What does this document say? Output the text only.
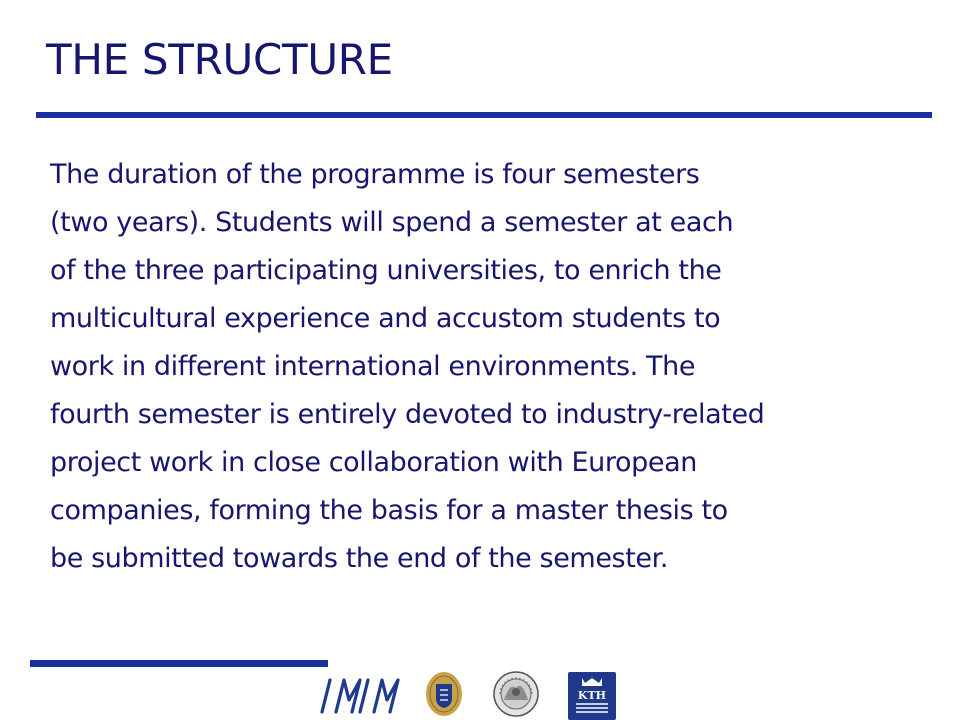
THE STRUCTURE
The duration of the programme is four semesters
(two years). Students will spend a semester at each
of the three participating universities, to enrich the
multicultural experience and accustom students to
work in different international environments. The
fourth semester is entirely devoted to industry-related
project work in close collaboration with European
companies, forming the basis for a master thesis to
be submitted towards the end of the semester.
KTH
